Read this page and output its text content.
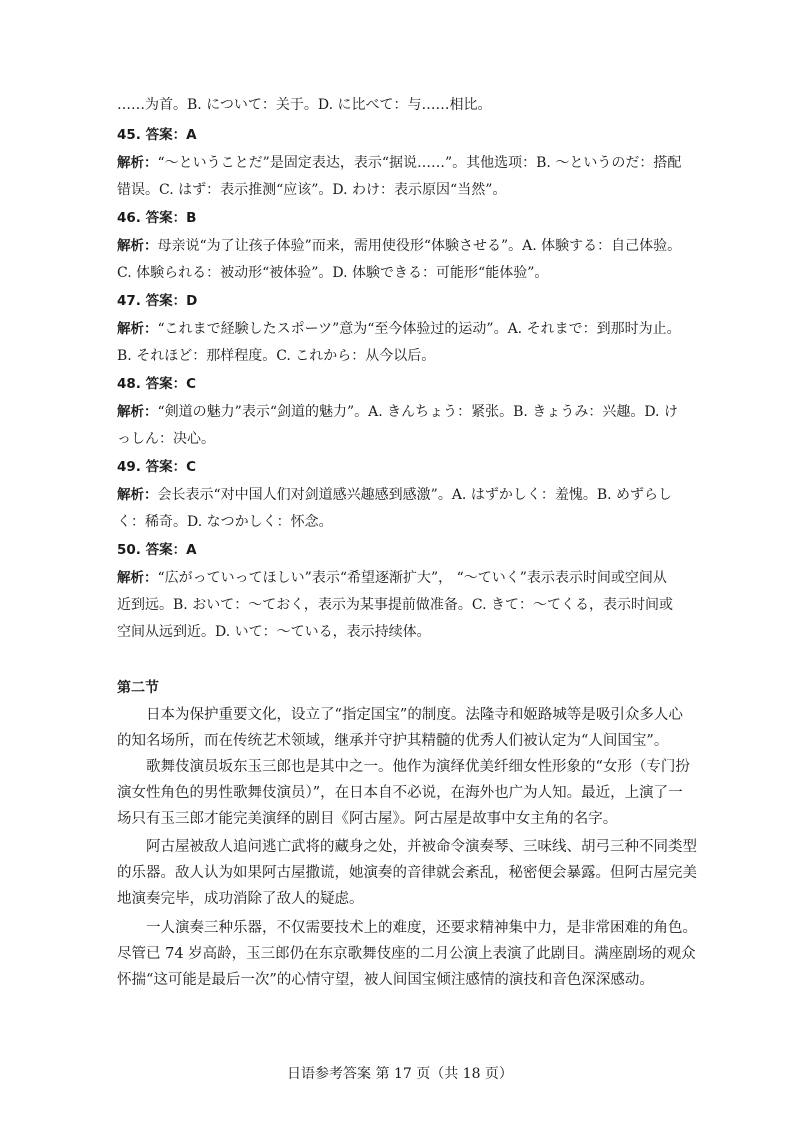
……为首。B. について：关于。D. に比べて：与……相比。
45. 答案：A
解析：“～ということだ”是固定表达，表示“据说……”。其他选项：B. ～というのだ：搭配
错误。C. はず：表示推测“应该”。D. わけ：表示原因“当然”。
46. 答案：B
解析：母亲说“为了让孩子体验”而来，需用使役形“体験させる”。A. 体験する：自己体验。
C. 体験られる：被动形“被体验”。D. 体験できる：可能形“能体验”。
47. 答案：D
解析：“これまで経験したスポーツ”意为“至今体验过的运动”。A. それまで：到那时为止。
B. それほど：那样程度。C. これから：从今以后。
48. 答案：C
解析：“剣道の魅力”表示“剑道的魅力”。A. きんちょう：紧张。B. きょうみ：兴趣。D. け
っしん：决心。
49. 答案：C
解析：会长表示“对中国人们对剑道感兴趣感到感激”。A. はずかしく：羞愧。B. めずらし
く：稀奇。D. なつかしく：怀念。
50. 答案：A
解析：“広がっていってほしい”表示“希望逐渐扩大”， “～ていく”表示表示时间或空间从
近到远。B. おいて：～ておく，表示为某事提前做准备。C. きて：～てくる，表示时间或
空间从远到近。D. いて：～ている，表示持续体。
第二节
日本为保护重要文化，设立了“指定国宝”的制度。法隆寺和姬路城等是吸引众多人心
的知名场所，而在传统艺术领域，继承并守护其精髓的优秀人们被认定为“人间国宝”。
歌舞伎演员坂东玉三郎也是其中之一。他作为演绎优美纤细女性形象的“女形（专门扮
演女性角色的男性歌舞伎演员）”，在日本自不必说，在海外也广为人知。最近，上演了一
场只有玉三郎才能完美演绎的剧目《阿古屋》。阿古屋是故事中女主角的名字。
阿古屋被敌人追问逃亡武将的藏身之处，并被命令演奏琴、三味线、胡弓三种不同类型
的乐器。敌人认为如果阿古屋撒谎，她演奏的音律就会紊乱，秘密便会暴露。但阿古屋完美
地演奏完毕，成功消除了敌人的疑虑。
一人演奏三种乐器，不仅需要技术上的难度，还要求精神集中力，是非常困难的角色。
尽管已 74 岁高龄，玉三郎仍在东京歌舞伎座的二月公演上表演了此剧目。满座剧场的观众
怀揣“这可能是最后一次”的心情守望，被人间国宝倾注感情的演技和音色深深感动。
日语参考答案 第 17 页（共 18 页）
